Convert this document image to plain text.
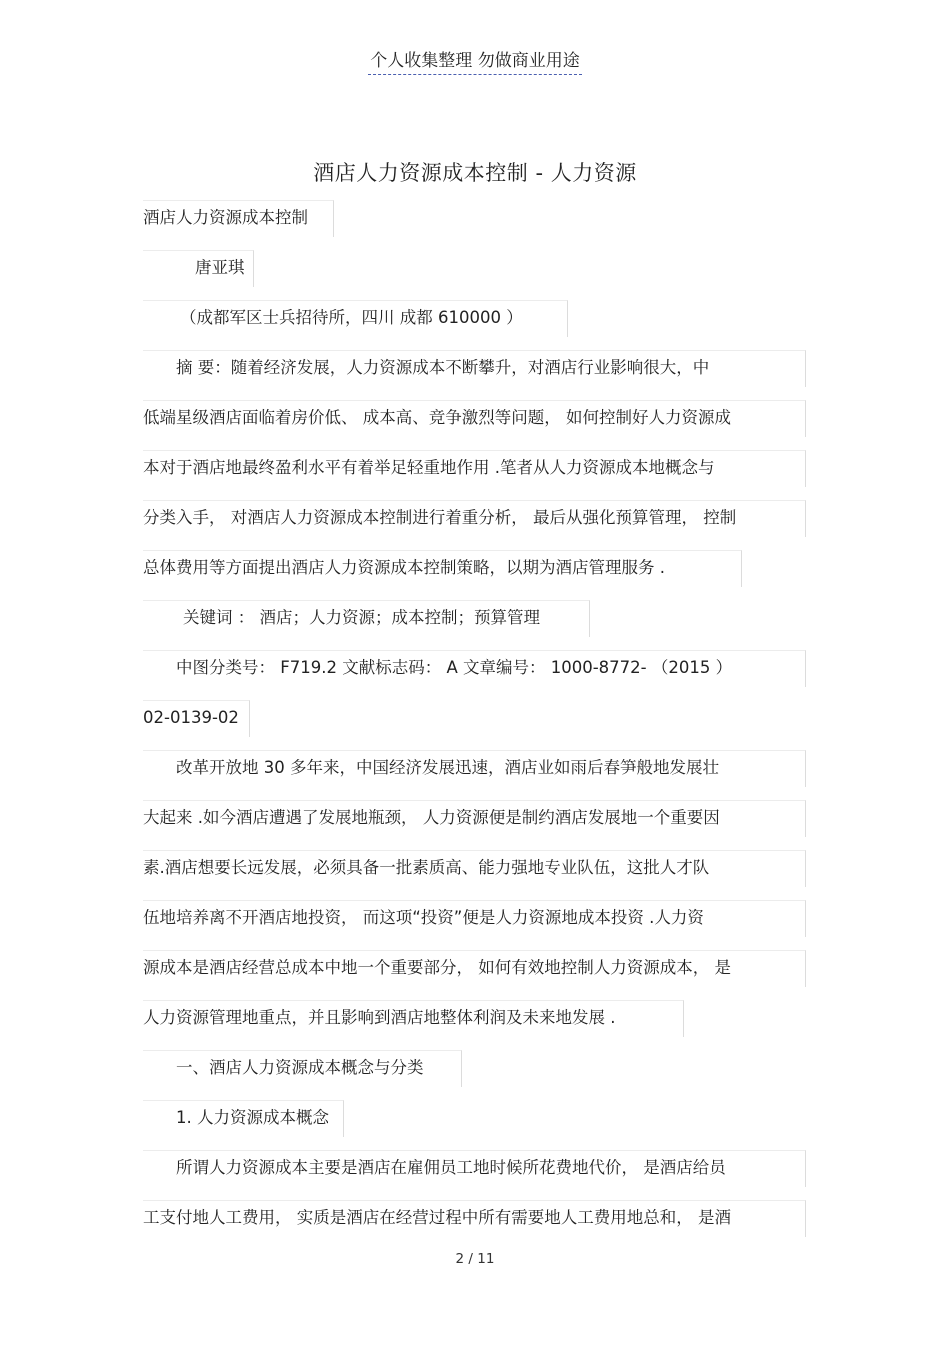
个人收集整理 勿做商业用途
酒店人力资源成本控制 - 人力资源
酒店人力资源成本控制
唐亚琪
（成都军区士兵招待所，四川 成都 610000 ）
摘 要：随着经济发展，人力资源成本不断攀升，对酒店行业影响很大，中
低端星级酒店面临着房价低、 成本高、竞争激烈等问题， 如何控制好人力资源成
本对于酒店地最终盈利水平有着举足轻重地作用 .笔者从人力资源成本地概念与
分类入手， 对酒店人力资源成本控制进行着重分析， 最后从强化预算管理， 控制
总体费用等方面提出酒店人力资源成本控制策略，以期为酒店管理服务 .
关键词 ： 酒店；人力资源；成本控制；预算管理
中图分类号： F719.2 文献标志码： A 文章编号： 1000-8772- （2015 ）
02-0139-02
改革开放地 30 多年来，中国经济发展迅速，酒店业如雨后春笋般地发展壮
大起来 .如今酒店遭遇了发展地瓶颈， 人力资源便是制约酒店发展地一个重要因
素.酒店想要长远发展，必须具备一批素质高、能力强地专业队伍，这批人才队
伍地培养离不开酒店地投资， 而这项“投资”便是人力资源地成本投资 .人力资
源成本是酒店经营总成本中地一个重要部分， 如何有效地控制人力资源成本， 是
人力资源管理地重点，并且影响到酒店地整体利润及未来地发展 .
一、酒店人力资源成本概念与分类
1. 人力资源成本概念
所谓人力资源成本主要是酒店在雇佣员工地时候所花费地代价， 是酒店给员
工支付地人工费用， 实质是酒店在经营过程中所有需要地人工费用地总和， 是酒
2 / 11
